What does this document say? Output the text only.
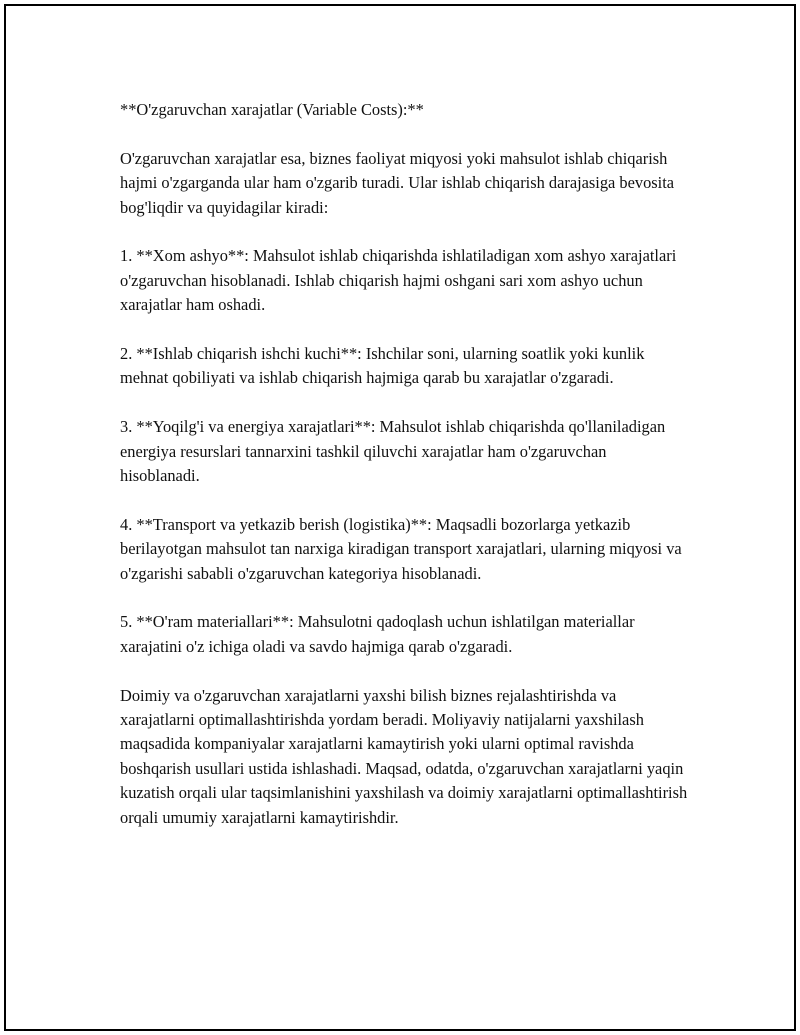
**O'zgaruvchan xarajatlar (Variable Costs):**

O'zgaruvchan xarajatlar esa, biznes faoliyat miqyosi yoki mahsulot ishlab chiqarish hajmi o'zgarganda ular ham o'zgarib turadi. Ular ishlab chiqarish darajasiga bevosita bog'liqdir va quyidagilar kiradi:

1. **Xom ashyo**: Mahsulot ishlab chiqarishda ishlatiladigan xom ashyo xarajatlari o'zgaruvchan hisoblanadi. Ishlab chiqarish hajmi oshgani sari xom ashyo uchun xarajatlar ham oshadi.

2. **Ishlab chiqarish ishchi kuchi**: Ishchilar soni, ularning soatlik yoki kunlik mehnat qobiliyati va ishlab chiqarish hajmiga qarab bu xarajatlar o'zgaradi.

3. **Yoqilg'i va energiya xarajatlari**: Mahsulot ishlab chiqarishda qo'llaniladigan energiya resurslari tannarxini tashkil qiluvchi xarajatlar ham o'zgaruvchan hisoblanadi.

4. **Transport va yetkazib berish (logistika)**: Maqsadli bozorlarga yetkazib berilayotgan mahsulot tan narxiga kiradigan transport xarajatlari, ularning miqyosi va o'zgarishi sababli o'zgaruvchan kategoriya hisoblanadi.

5. **O'ram materiallari**: Mahsulotni qadoqlash uchun ishlatilgan materiallar xarajatini o'z ichiga oladi va savdo hajmiga qarab o'zgaradi.

Doimiy va o'zgaruvchan xarajatlarni yaxshi bilish biznes rejalashtirishda va xarajatlarni optimallashtirishda yordam beradi. Moliyaviy natijalarni yaxshilash maqsadida kompaniyalar xarajatlarni kamaytirish yoki ularni optimal ravishda boshqarish usullari ustida ishlashadi. Maqsad, odatda, o'zgaruvchan xarajatlarni yaqin kuzatish orqali ular taqsimlanishini yaxshilash va doimiy xarajatlarni optimallashtirish orqali umumiy xarajatlarni kamaytirishdir.
